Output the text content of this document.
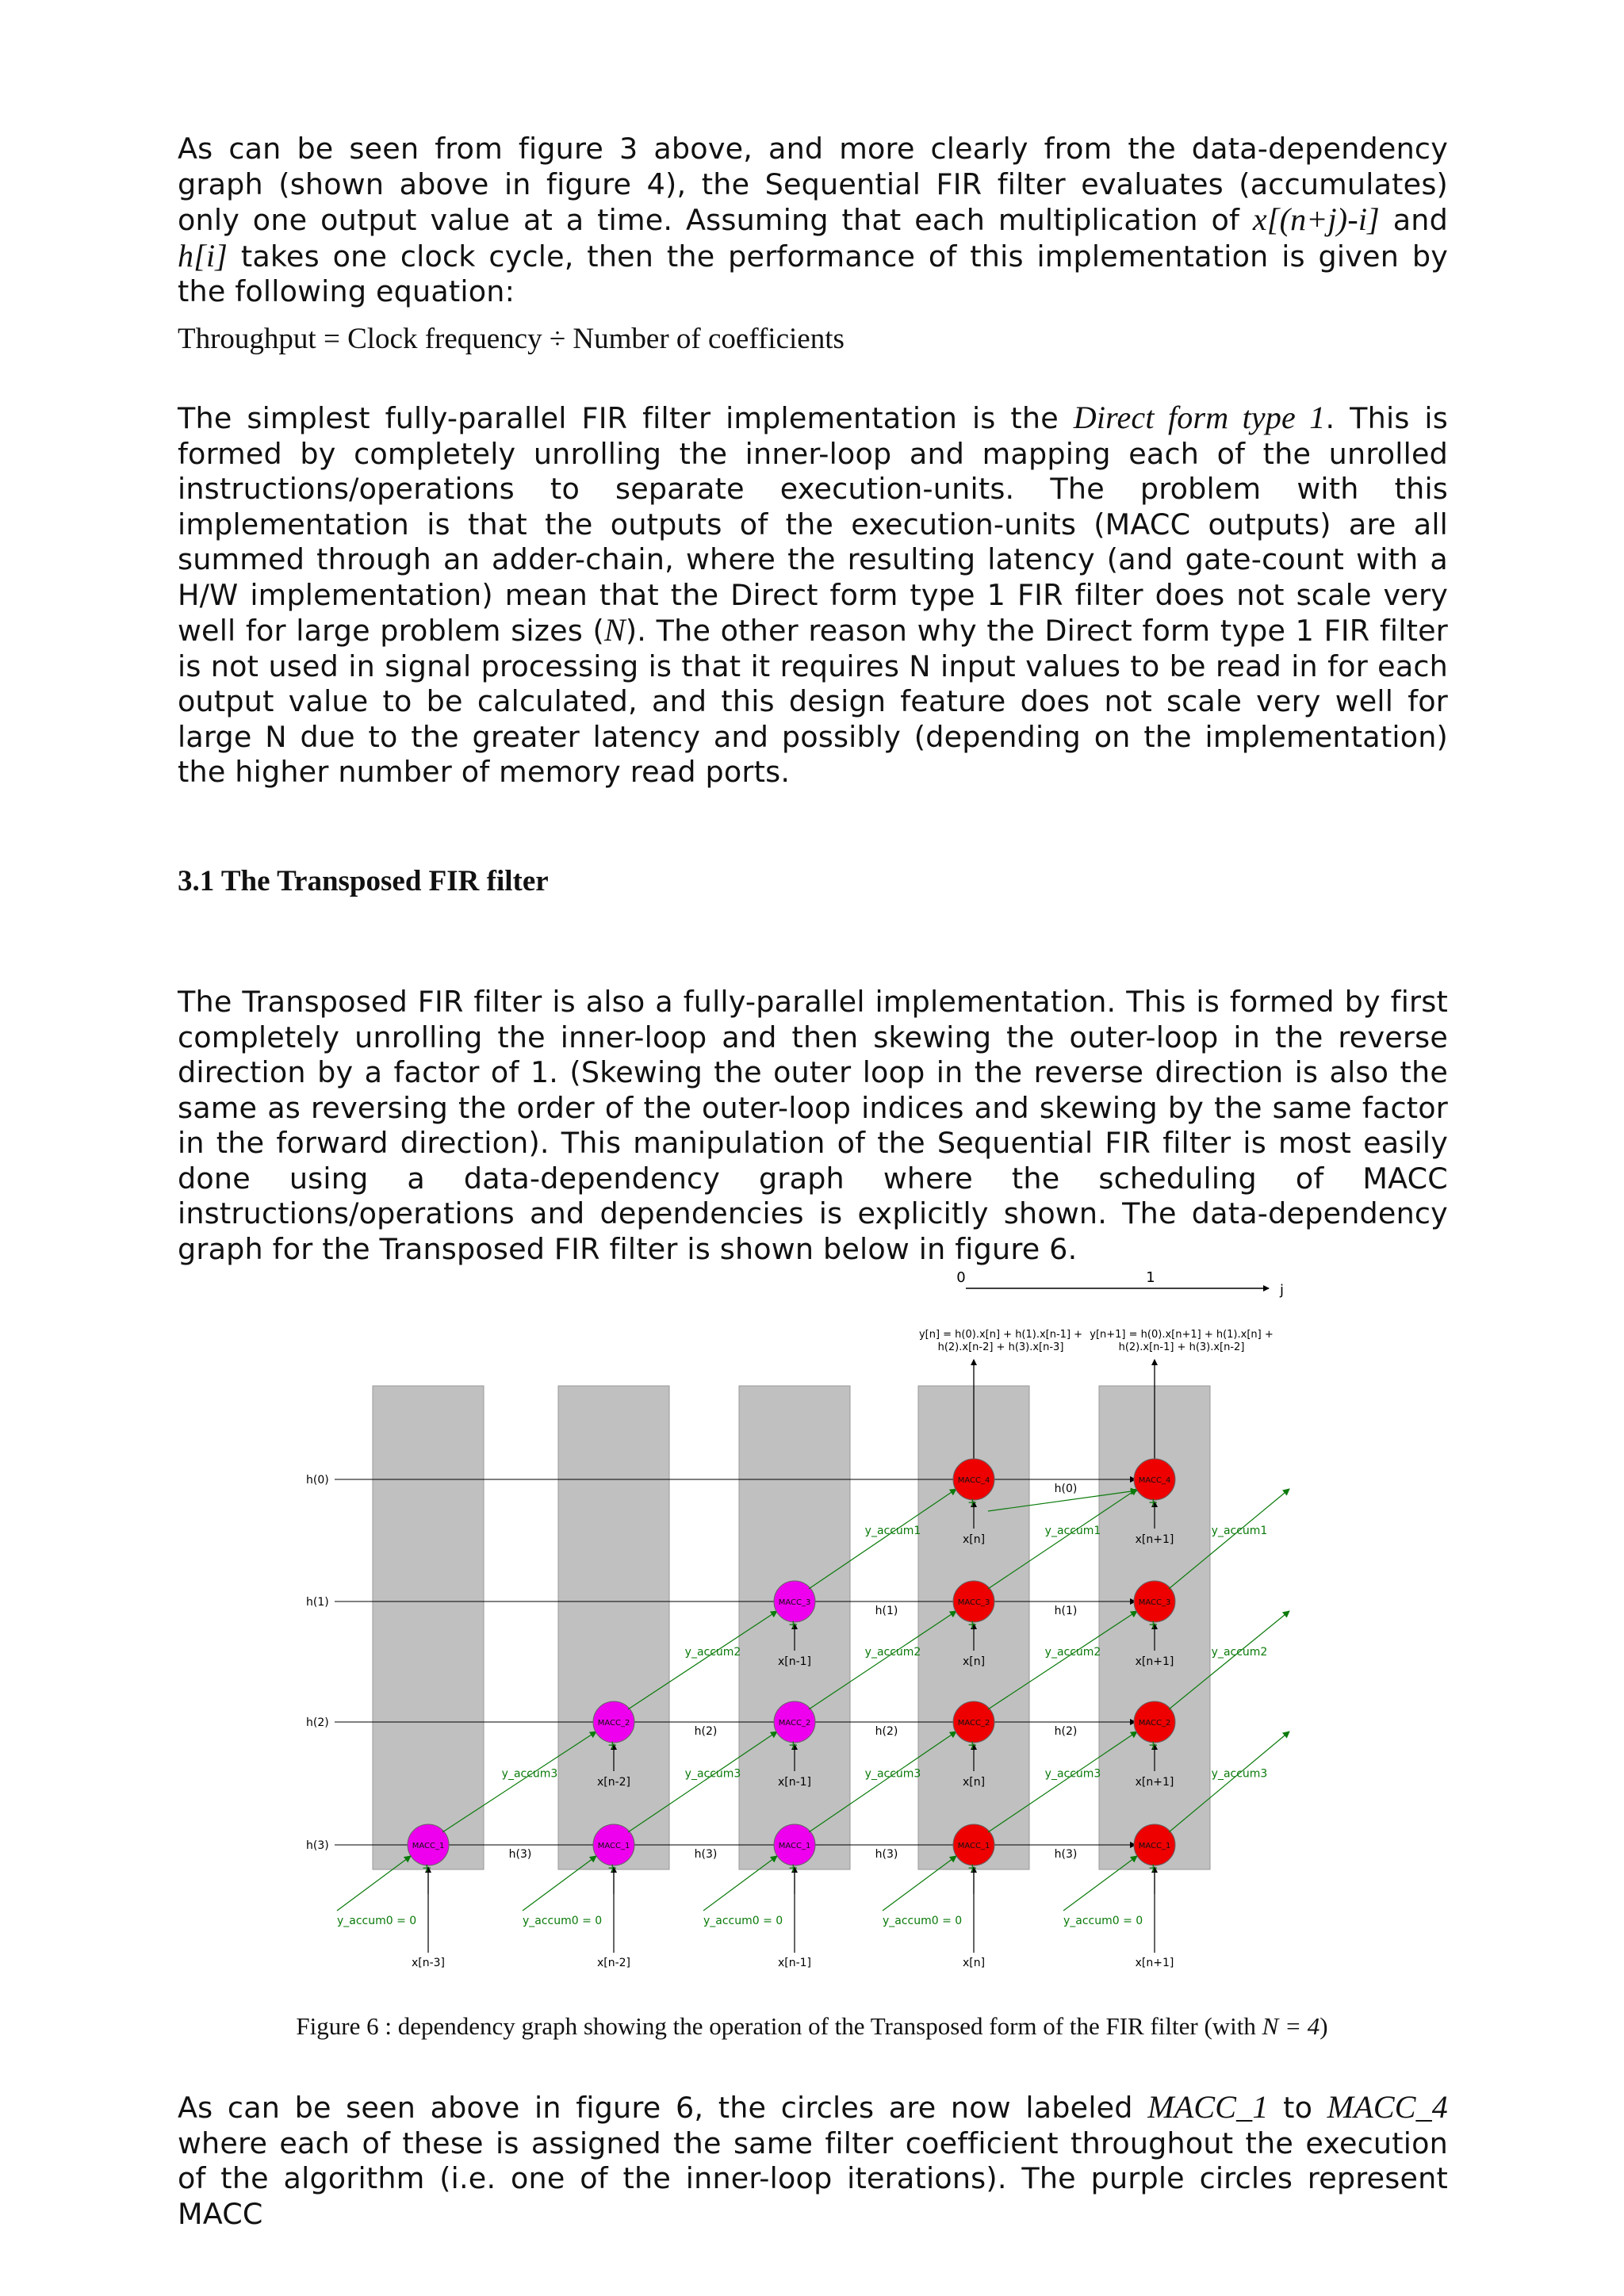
As can be seen from figure 3 above, and more clearly from the data-dependency graph (shown above in figure 4), the Sequential FIR filter evaluates (accumulates) only one output value at a time. Assuming that each multiplication of x[(n+j)-i] and h[i] takes one clock cycle, then the performance of this implementation is given by the following equation:

Throughput = Clock frequency ÷ Number of coefficients

The simplest fully-parallel FIR filter implementation is the Direct form type 1. This is formed by completely unrolling the inner-loop and mapping each of the unrolled instructions/operations to separate execution-units. The problem with this implementation is that the outputs of the execution-units (MACC outputs) are all summed through an adder-chain, where the resulting latency (and gate-count with a H/W implementation) mean that the Direct form type 1 FIR filter does not scale very well for large problem sizes (N). The other reason why the Direct form type 1 FIR filter is not used in signal processing is that it requires N input values to be read in for each output value to be calculated, and this design feature does not scale very well for large N due to the greater latency and possibly (depending on the implementation) the higher number of memory read ports.

3.1 The Transposed FIR filter

The Transposed FIR filter is also a fully-parallel implementation. This is formed by first completely unrolling the inner-loop and then skewing the outer-loop in the reverse direction by a factor of 1. (Skewing the outer loop in the reverse direction is also the same as reversing the order of the outer-loop indices and skewing by the same factor in the forward direction). This manipulation of the Sequential FIR filter is most easily done using a data-dependency graph where the scheduling of MACC instructions/operations and dependencies is explicitly shown. The data-dependency graph for the Transposed FIR filter is shown below in figure 6.

0	1
j
y[n] = h(0).x[n] + h(1).x[n-1] +
h(2).x[n-2] + h(3).x[n-3]
y[n+1] = h(0).x[n+1] + h(1).x[n] +
h(2).x[n-1] + h(3).x[n-2]
h(0)
h(1)
h(2)
h(3)	MACC_1
+
h(3)
y_accum3
x[n-3]
y_accum0 = 0
MACC_2
+
x[n-2]
h(2)
y_accum2
MACC_1
+
h(3)
y_accum3
x[n-2]
y_accum0 = 0
MACC_3
+
x[n-1]
h(1)
y_accum1
MACC_2
+
x[n-1]
h(2)
y_accum2
MACC_1
+
h(3)
y_accum3
x[n-1]
y_accum0 = 0
MACC_4
+
x[n]
h(0)
MACC_3
+
x[n]
h(1)
y_accum1
MACC_2
+
x[n]
h(2)
y_accum2
MACC_1
+
h(3)
y_accum3
x[n]
y_accum0 = 0
MACC_4
+
x[n+1]
MACC_3
+
x[n+1]
y_accum1
MACC_2
+
x[n+1]
y_accum2
MACC_1
+
y_accum3
x[n+1]
y_accum0 = 0

Figure 6 : dependency graph showing the operation of the Transposed form of the FIR filter (with N = 4)

As can be seen above in figure 6, the circles are now labeled MACC_1 to MACC_4 where each of these is assigned the same filter coefficient throughout the execution of the algorithm (i.e. one of the inner-loop iterations). The purple circles represent MACC
